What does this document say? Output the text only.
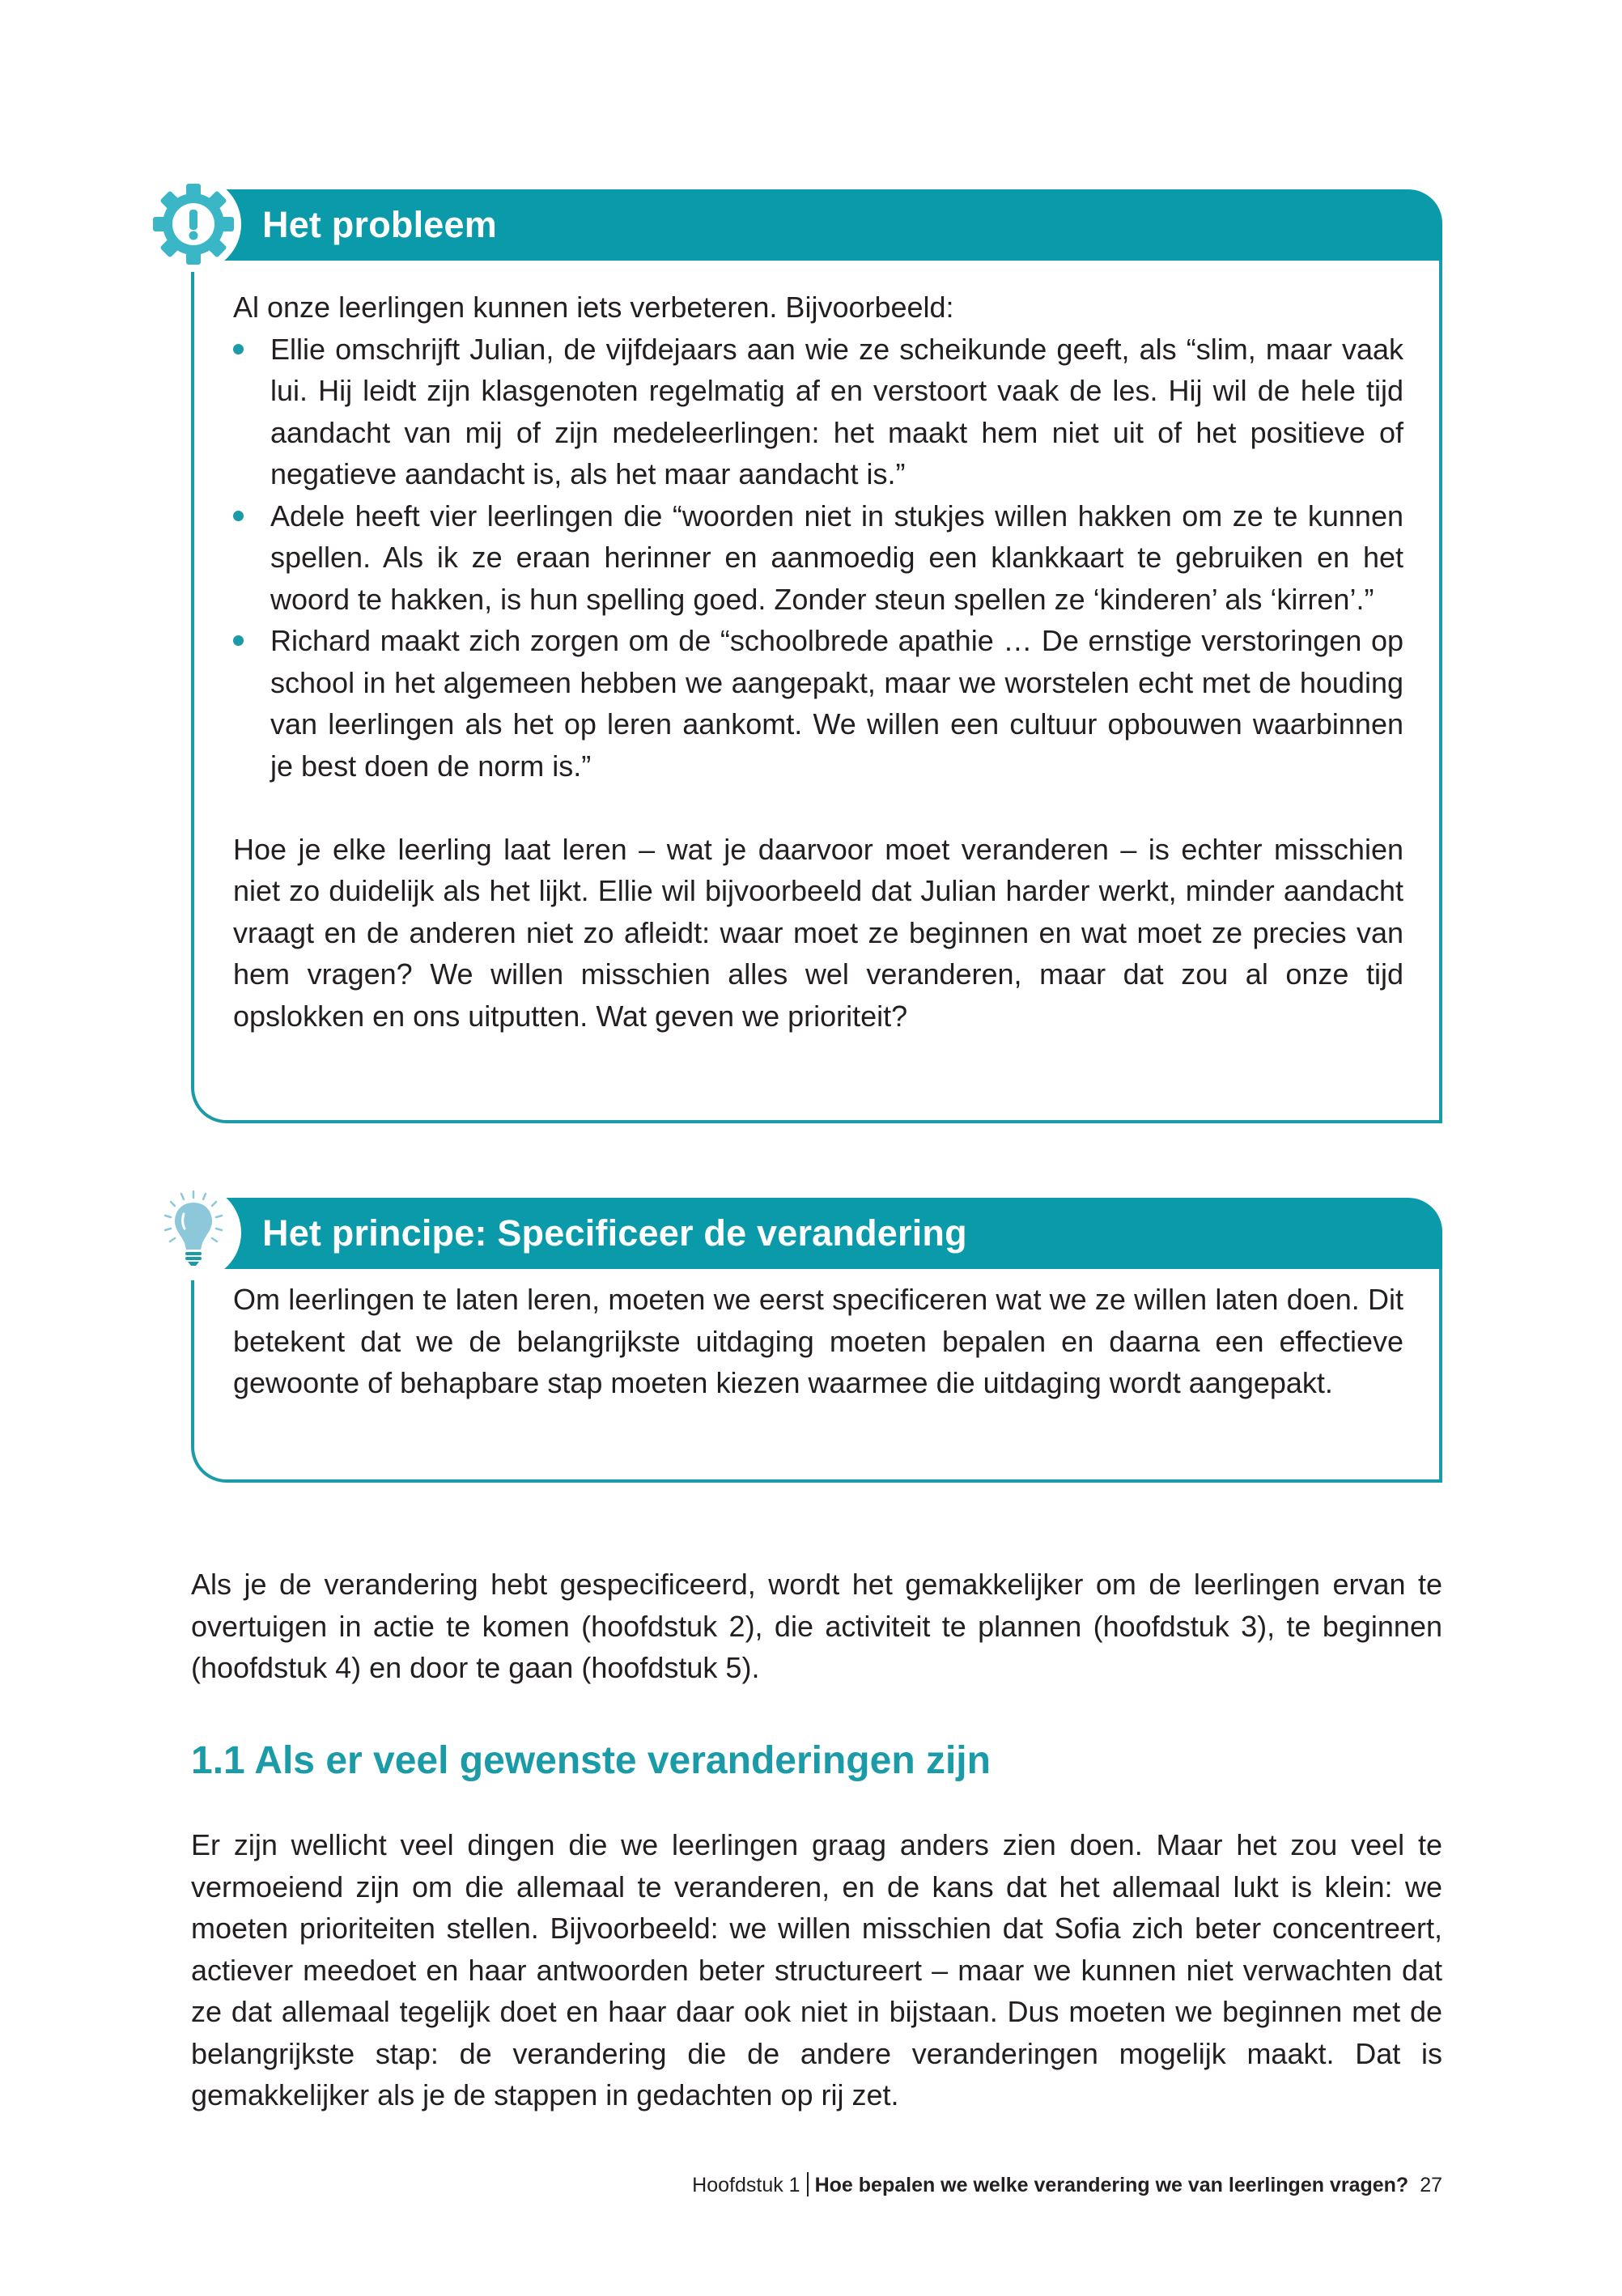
Al onze leerlingen kunnen iets verbeteren. Bijvoorbeeld:

Ellie omschrijft Julian, de vijfdejaars aan wie ze scheikunde geeft, als “slim, maar vaak lui. Hij leidt zijn klasgenoten regelmatig af en verstoort vaak de les. Hij wil de hele tijd aandacht van mij of zijn medeleerlingen: het maakt hem niet uit of het positieve of negatieve aandacht is, als het maar aandacht is.”
Adele heeft vier leerlingen die “woorden niet in stukjes willen hakken om ze te kunnen spellen. Als ik ze eraan herinner en aanmoedig een klankkaart te gebruiken en het woord te hakken, is hun spelling goed. Zonder steun spellen ze ‘kinderen’ als ‘kirren’.”
Richard maakt zich zorgen om de “schoolbrede apathie … De ernstige verstoringen op school in het algemeen hebben we aangepakt, maar we worstelen echt met de houding van leerlingen als het op leren aankomt. We willen een cultuur opbouwen waarbinnen je best doen de norm is.”

Hoe je elke leerling laat leren – wat je daarvoor moet veranderen – is echter misschien niet zo duidelijk als het lijkt. Ellie wil bijvoorbeeld dat Julian harder werkt, minder aandacht vraagt en de anderen niet zo afleidt: waar moet ze beginnen en wat moet ze precies van hem vragen? We willen misschien alles wel veranderen, maar dat zou al onze tijd opslokken en ons uitputten. Wat geven we prioriteit?

Het probleem

Om leerlingen te laten leren, moeten we eerst specificeren wat we ze willen laten doen. Dit betekent dat we de belangrijkste uitdaging moeten bepalen en daarna een effectieve gewoonte of behapbare stap moeten kiezen waarmee die uitdaging wordt aangepakt.

Het principe: Specificeer de verandering

Als je de verandering hebt gespecificeerd, wordt het gemakkelijker om de leerlingen ervan te overtuigen in actie te komen (hoofdstuk 2), die activiteit te plannen (hoofdstuk 3), te beginnen (hoofdstuk 4) en door te gaan (hoofdstuk 5).

1.1 Als er veel gewenste veranderingen zijn

Er zijn wellicht veel dingen die we leerlingen graag anders zien doen. Maar het zou veel te vermoeiend zijn om die allemaal te veranderen, en de kans dat het allemaal lukt is klein: we moeten prioriteiten stellen. Bijvoorbeeld: we willen misschien dat Sofia zich beter concentreert, actiever meedoet en haar antwoorden beter structureert – maar we kunnen niet verwachten dat ze dat allemaal tegelijk doet en haar daar ook niet in bijstaan. Dus moeten we beginnen met de belangrijkste stap: de verandering die de andere veranderingen mogelijk maakt. Dat is gemakkelijker als je de stappen in gedachten op rij zet.

Hoofdstuk 1 Hoe bepalen we welke verandering we van leerlingen vragen? 27
